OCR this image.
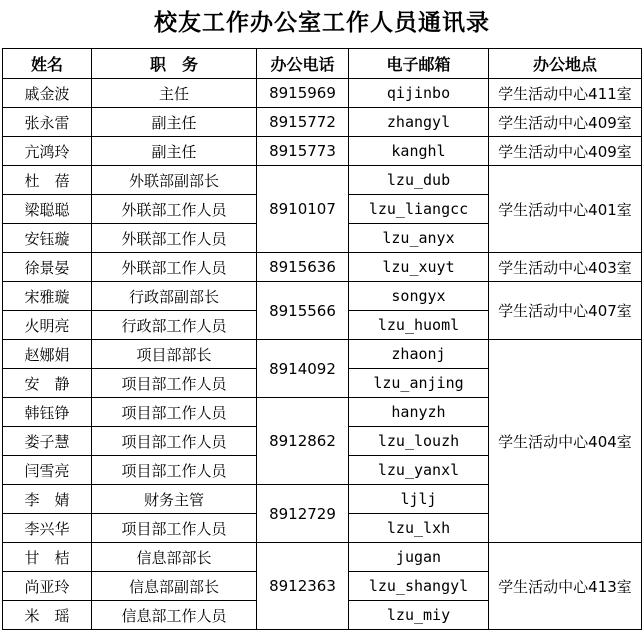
校友工作办公室工作人员通讯录
姓名	职　务	办公电话	电子邮箱	办公地点
戚金波	主任	8915969	qijinbo	学生活动中心411室
张永雷	副主任	8915772	zhangyl	学生活动中心409室
亢鸿玲	副主任	8915773	kanghl	学生活动中心409室
杜　蓓	外联部副部长	8910107	lzu_dub	学生活动中心401室
梁聪聪	外联部工作人员		lzu_liangcc	
安钰璇	外联部工作人员		lzu_anyx	
徐景晏	外联部工作人员	8915636	lzu_xuyt	学生活动中心403室
宋雅璇	行政部副部长	8915566	songyx	学生活动中心407室
火明亮	行政部工作人员		lzu_huoml	
赵娜娟	项目部部长	8914092	zhaonj	学生活动中心404室
安　静	项目部工作人员		lzu_anjing	
韩钰铮	项目部工作人员	8912862	hanyzh	
娄子慧	项目部工作人员		lzu_louzh	
闫雪亮	项目部工作人员		lzu_yanxl	
李　婧	财务主管	8912729	ljlj	
李兴华	项目部工作人员		lzu_lxh	
甘　桔	信息部部长	8912363	jugan	学生活动中心413室
尚亚玲	信息部副部长		lzu_shangyl	
米　瑶	信息部工作人员		lzu_miy	
